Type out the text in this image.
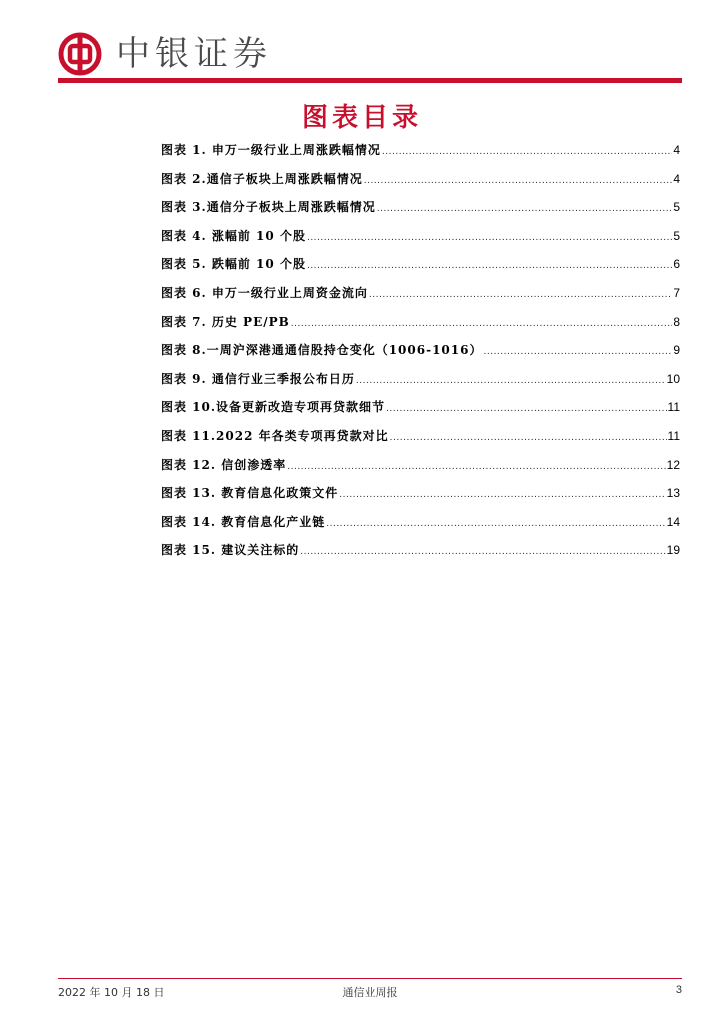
中银证券
图表目录
图表 1. 申万一级行业上周涨跌幅情况 .....	4
图表 2.通信子板块上周涨跌幅情况 .....	4
图表 3.通信分子板块上周涨跌幅情况 .....	5
图表 4. 涨幅前 10 个股 .....	5
图表 5. 跌幅前 10 个股 .....	6
图表 6. 申万一级行业上周资金流向 .....	7
图表 7. 历史 PE/PB .....	8
图表 8.一周沪深港通通信股持仓变化（1006-1016） .....	9
图表 9. 通信行业三季报公布日历 .....	10
图表 10.设备更新改造专项再贷款细节 .....	11
图表 11.2022 年各类专项再贷款对比 .....	11
图表 12. 信创渗透率 .....	12
图表 13. 教育信息化政策文件 .....	13
图表 14. 教育信息化产业链 .....	14
图表 15. 建议关注标的 .....	19
2022 年 10 月 18 日	通信业周报	3
